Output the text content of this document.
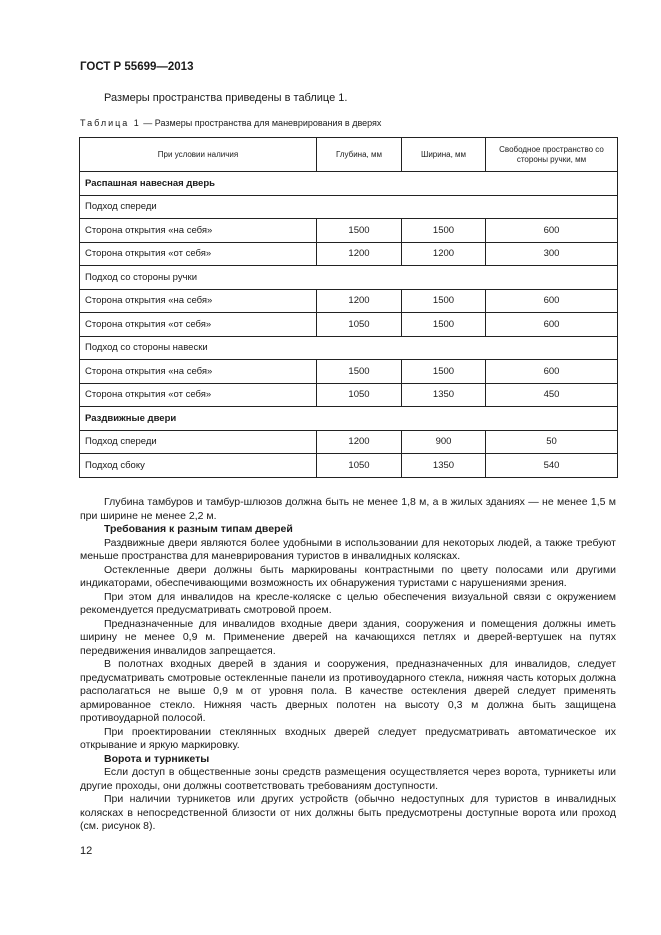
ГОСТ Р 55699—2013
Размеры пространства приведены в таблице 1.
Таблица 1 — Размеры пространства для маневрирования в дверях
При условии наличия	Глубина, мм	Ширина, мм	Свободное пространство со стороны ручки, мм
Распашная навесная дверь			
Подход спереди			
Сторона открытия «на себя»	1500	1500	600
Сторона открытия «от себя»	1200	1200	300
Подход со стороны ручки			
Сторона открытия «на себя»	1200	1500	600
Сторона открытия «от себя»	1050	1500	600
Подход со стороны навески			
Сторона открытия «на себя»	1500	1500	600
Сторона открытия «от себя»	1050	1350	450
Раздвижные двери			
Подход спереди	1200	900	50
Подход сбоку	1050	1350	540

Глубина тамбуров и тамбур-шлюзов должна быть не менее 1,8 м, а в жилых зданиях — не менее 1,5 м при ширине не менее 2,2 м.

Требования к разным типам дверей

Раздвижные двери являются более удобными в использовании для некоторых людей, а также требуют меньше пространства для маневрирования туристов в инвалидных колясках.

Остекленные двери должны быть маркированы контрастными по цвету полосами или другими индикаторами, обеспечивающими возможность их обнаружения туристами с нарушениями зрения.

При этом для инвалидов на кресле-коляске с целью обеспечения визуальной связи с окружением рекомендуется предусматривать смотровой проем.

Предназначенные для инвалидов входные двери здания, сооружения и помещения должны иметь ширину не менее 0,9 м. Применение дверей на качающихся петлях и дверей-вертушек на путях передвижения инвалидов запрещается.

В полотнах входных дверей в здания и сооружения, предназначенных для инвалидов, следует предусматривать смотровые остекленные панели из противоударного стекла, нижняя часть которых должна располагаться не выше 0,9 м от уровня пола. В качестве остекления дверей следует применять армированное стекло. Нижняя часть дверных полотен на высоту 0,3 м должна быть защищена противоударной полосой.

При проектировании стеклянных входных дверей следует предусматривать автоматическое их открывание и яркую маркировку.

Ворота и турникеты

Если доступ в общественные зоны средств размещения осуществляется через ворота, турникеты или другие проходы, они должны соответствовать требованиям доступности.

При наличии турникетов или других устройств (обычно недоступных для туристов в инвалидных колясках в непосредственной близости от них должны быть предусмотрены доступные ворота или проход (см. рисунок 8).

12
